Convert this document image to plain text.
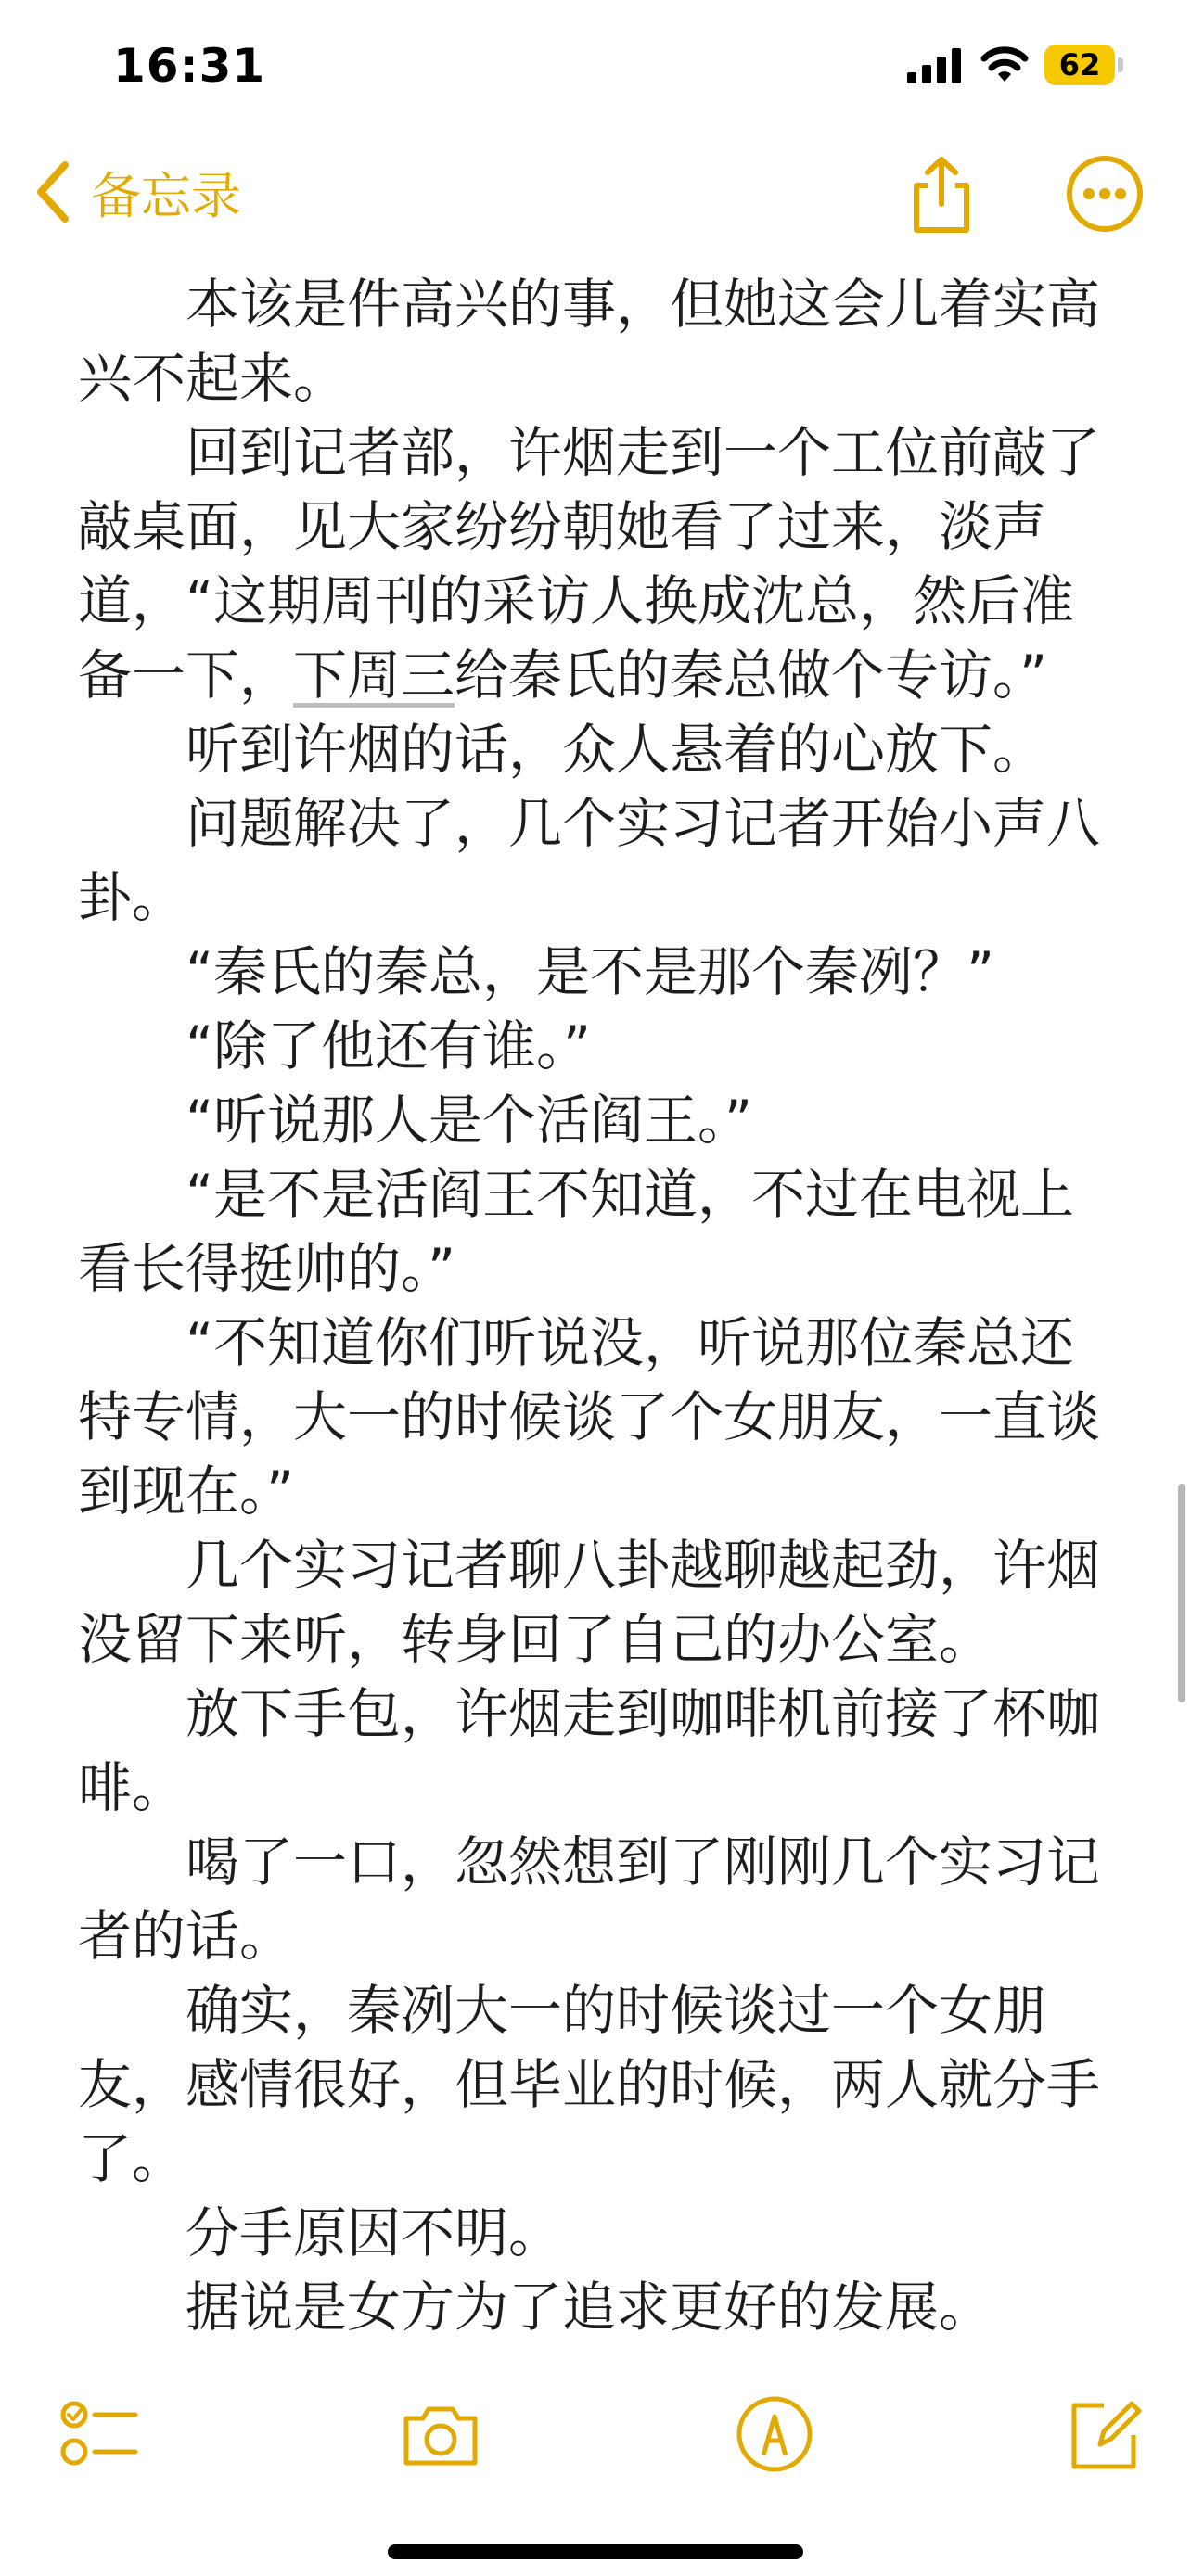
16:31	62
备忘录

本该是件高兴的事，但她这会儿着实高兴不起来。

回到记者部，许烟走到一个工位前敲了敲桌面，见大家纷纷朝她看了过来，淡声道，“这期周刊的采访人换成沈总，然后准备一下，下周三给秦氏的秦总做个专访。”

听到许烟的话，众人悬着的心放下。

问题解决了，几个实习记者开始小声八卦。

“秦氏的秦总，是不是那个秦冽？”

“除了他还有谁。”

“听说那人是个活阎王。”

“是不是活阎王不知道，不过在电视上看长得挺帅的。”

“不知道你们听说没，听说那位秦总还特专情，大一的时候谈了个女朋友，一直谈到现在。”

几个实习记者聊八卦越聊越起劲，许烟没留下来听，转身回了自己的办公室。

放下手包，许烟走到咖啡机前接了杯咖啡。

喝了一口，忽然想到了刚刚几个实习记者的话。

确实，秦冽大一的时候谈过一个女朋友，感情很好，但毕业的时候，两人就分手了。

分手原因不明。

据说是女方为了追求更好的发展。
